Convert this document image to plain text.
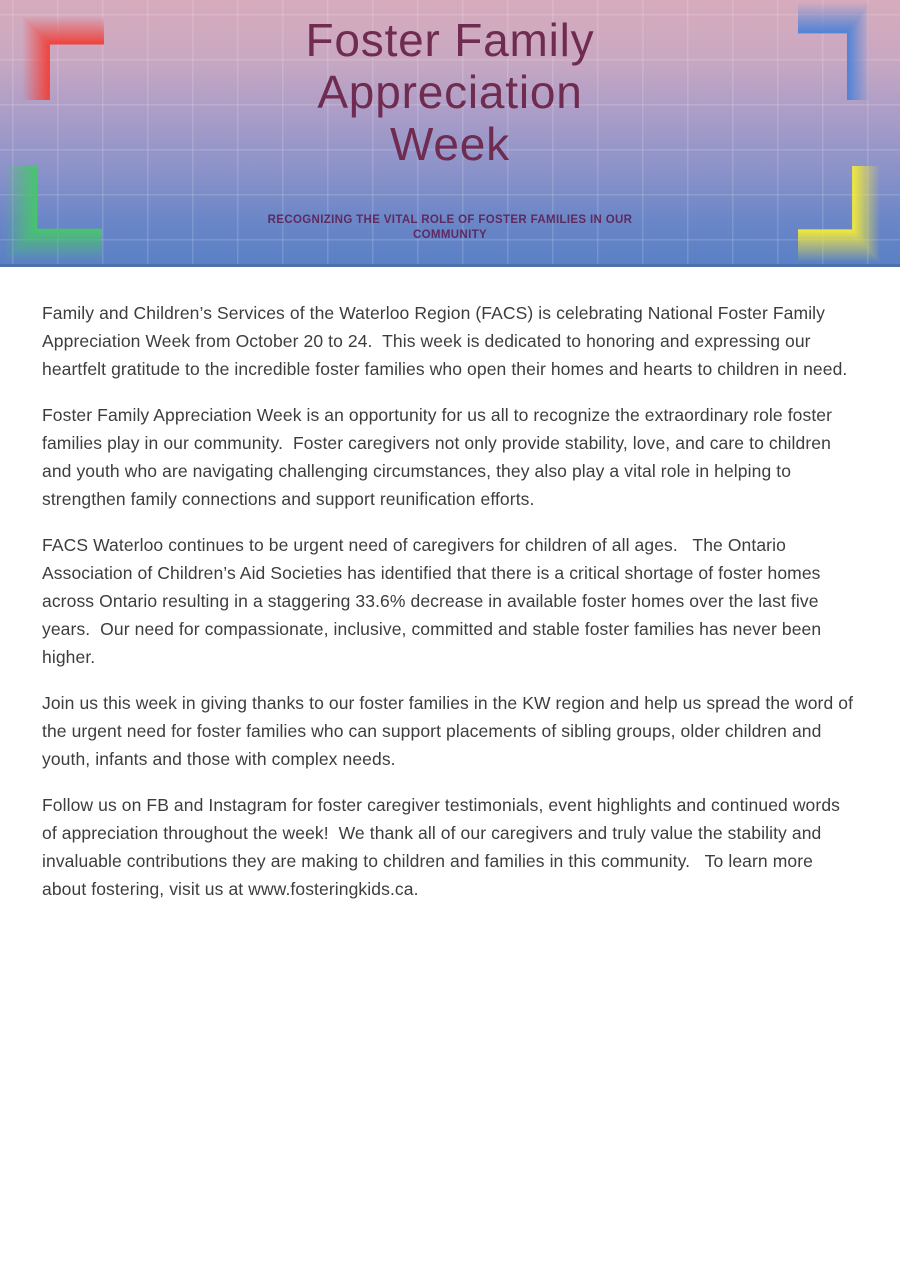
Foster Family
Appreciation
Week

RECOGNIZING THE VITAL ROLE OF FOSTER FAMILIES IN OUR COMMUNITY

Family and Children’s Services of the Waterloo Region (FACS) is celebrating National Foster Family Appreciation Week from October 20 to 24.  This week is dedicated to honoring and expressing our heartfelt gratitude to the incredible foster families who open their homes and hearts to children in need.

Foster Family Appreciation Week is an opportunity for us all to recognize the extraordinary role foster families play in our community.  Foster caregivers not only provide stability, love, and care to children and youth who are navigating challenging circumstances, they also play a vital role in helping to strengthen family connections and support reunification efforts.

FACS Waterloo continues to be urgent need of caregivers for children of all ages.   The Ontario Association of Children’s Aid Societies has identified that there is a critical shortage of foster homes across Ontario resulting in a staggering 33.6% decrease in available foster homes over the last five years.  Our need for compassionate, inclusive, committed and stable foster families has never been higher.

Join us this week in giving thanks to our foster families in the KW region and help us spread the word of the urgent need for foster families who can support placements of sibling groups, older children and youth, infants and those with complex needs.

Follow us on FB and Instagram for foster caregiver testimonials, event highlights and continued words of appreciation throughout the week!  We thank all of our caregivers and truly value the stability and invaluable contributions they are making to children and families in this community.   To learn more about fostering, visit us at www.fosteringkids.ca.
